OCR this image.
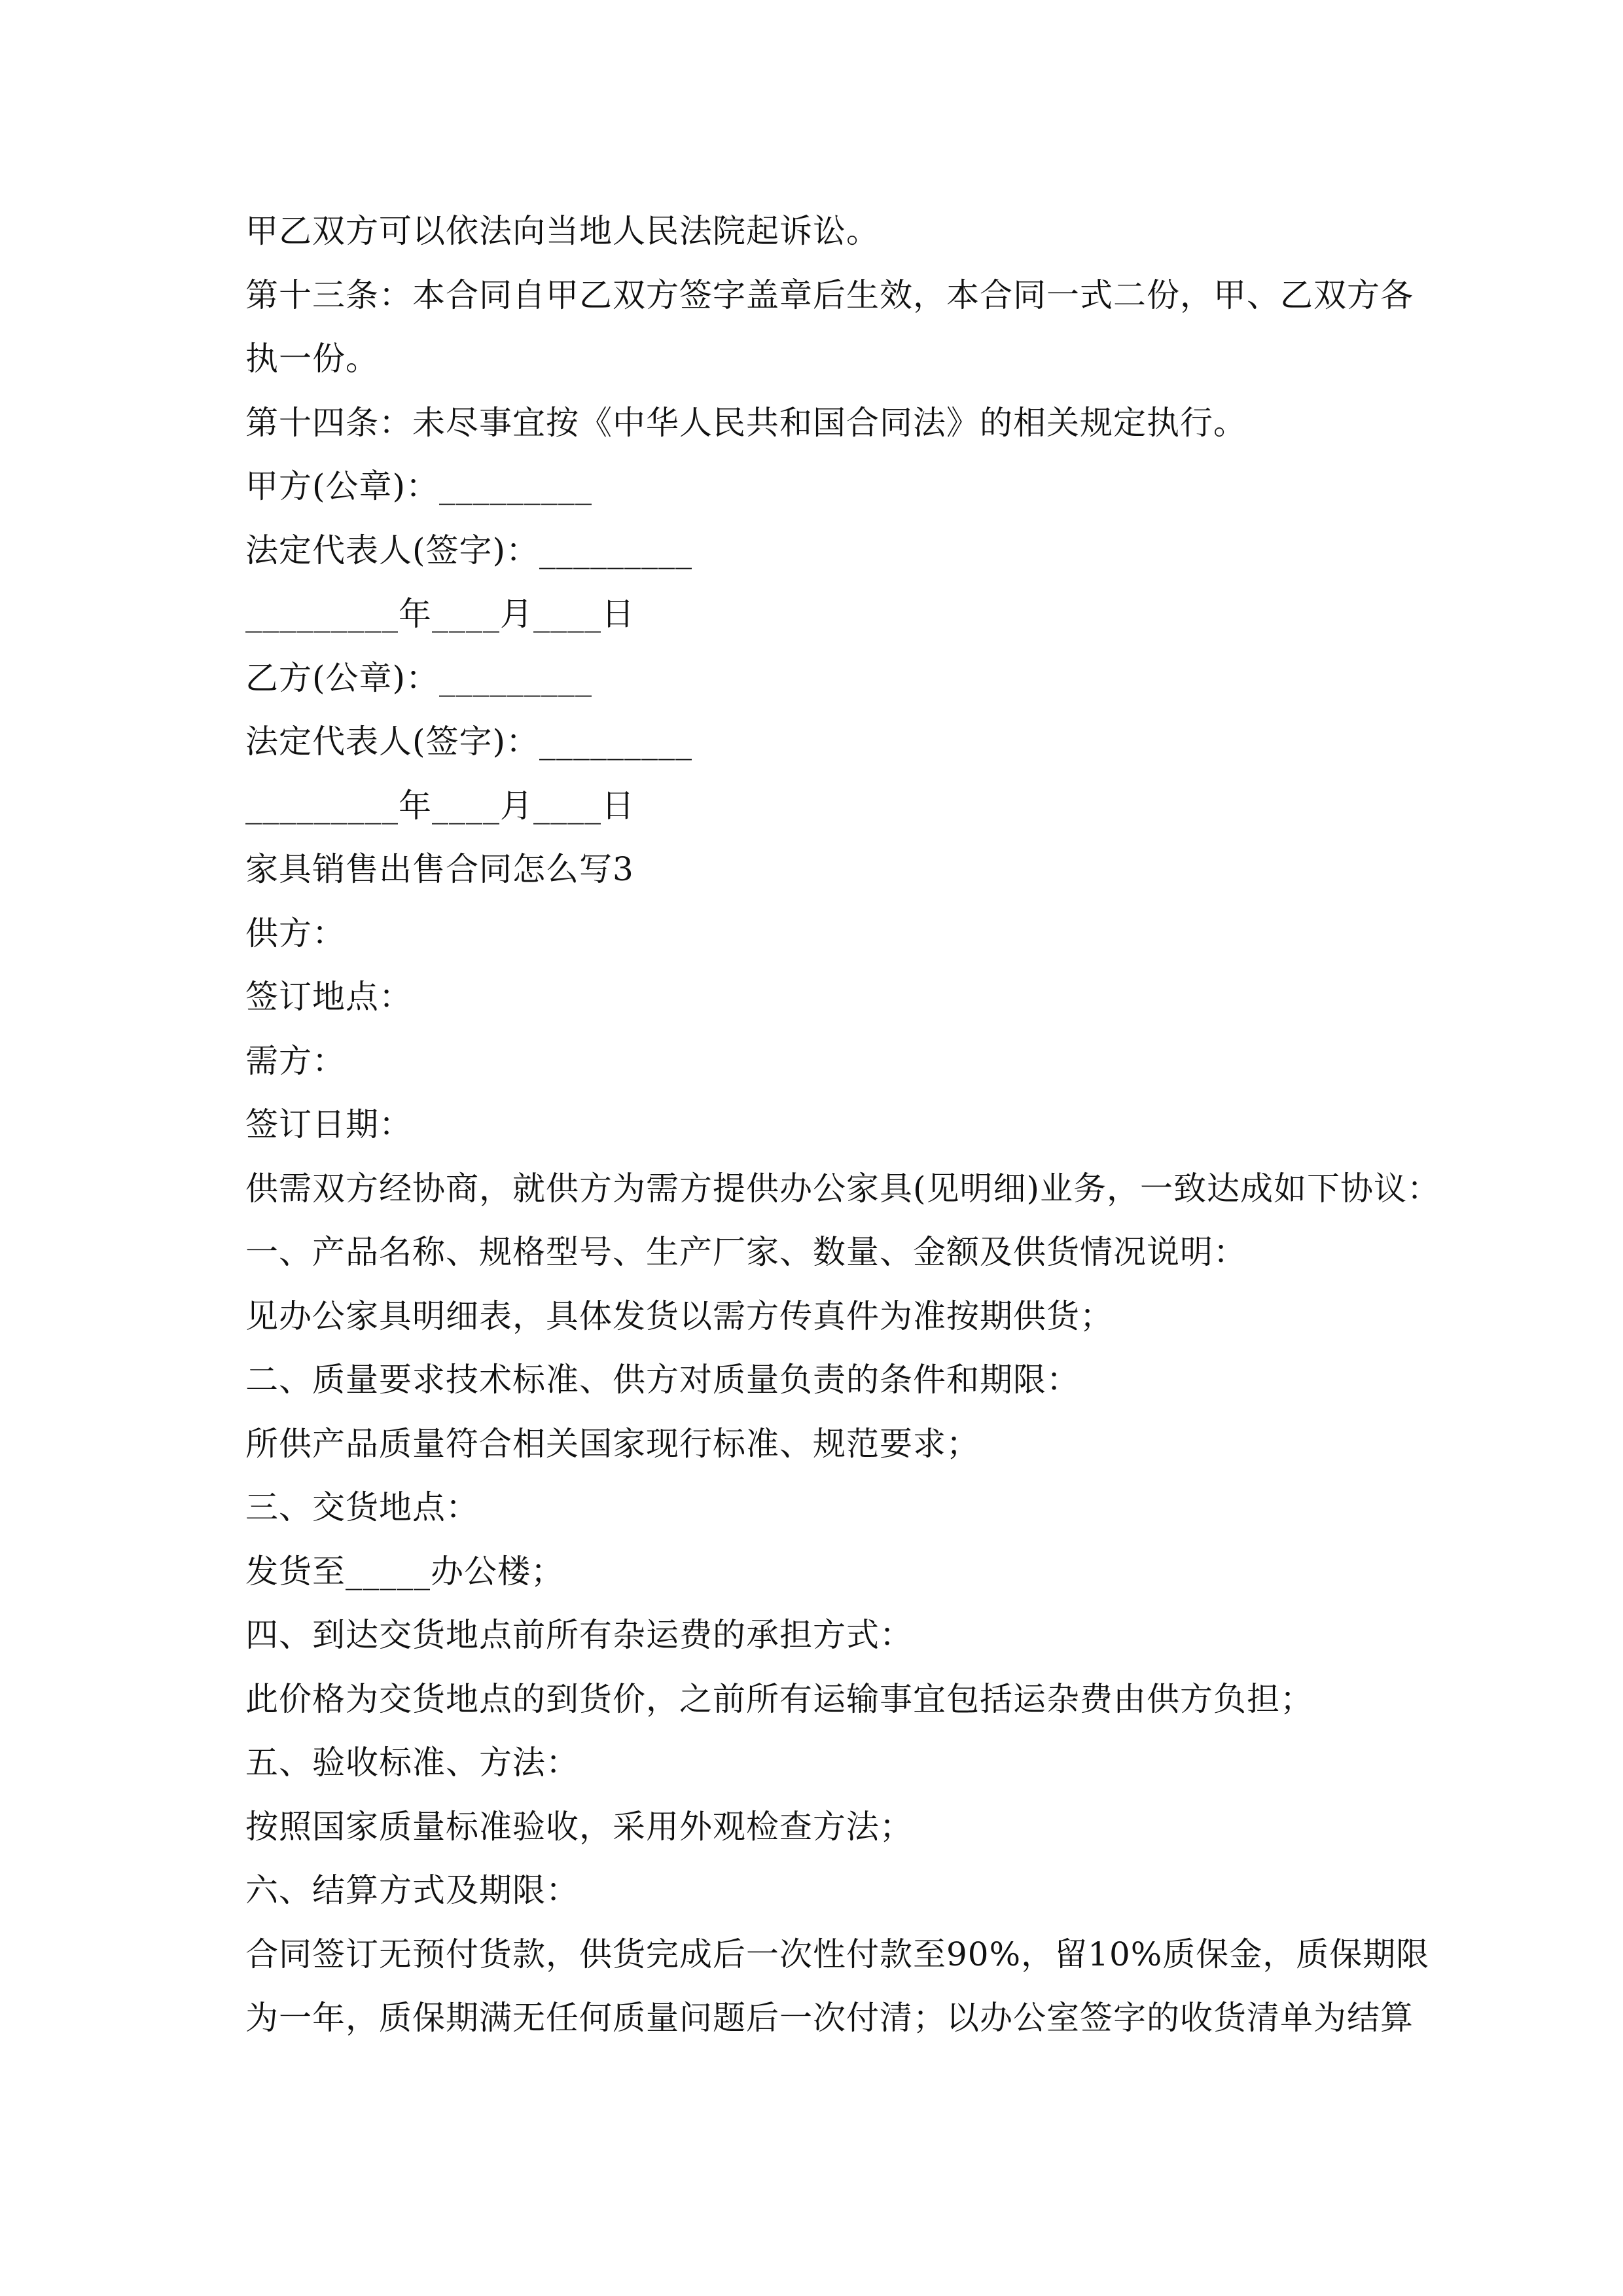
甲乙双方可以依法向当地人民法院起诉讼。
第十三条：本合同自甲乙双方签字盖章后生效，本合同一式二份，甲、乙双方各
执一份。
第十四条：未尽事宜按《中华人民共和国合同法》的相关规定执行。
甲方(公章)：_________
法定代表人(签字)：_________
_________年____月____日
乙方(公章)：_________
法定代表人(签字)：_________
_________年____月____日
家具销售出售合同怎么写3
供方：
签订地点：
需方：
签订日期：
供需双方经协商，就供方为需方提供办公家具(见明细)业务，一致达成如下协议：
一、产品名称、规格型号、生产厂家、数量、金额及供货情况说明：
见办公家具明细表，具体发货以需方传真件为准按期供货；
二、质量要求技术标准、供方对质量负责的条件和期限：
所供产品质量符合相关国家现行标准、规范要求；
三、交货地点：
发货至_____办公楼；
四、到达交货地点前所有杂运费的承担方式：
此价格为交货地点的到货价，之前所有运输事宜包括运杂费由供方负担；
五、验收标准、方法：
按照国家质量标准验收，采用外观检查方法；
六、结算方式及期限：
合同签订无预付货款，供货完成后一次性付款至90%，留10%质保金，质保期限
为一年，质保期满无任何质量问题后一次付清；以办公室签字的收货清单为结算
